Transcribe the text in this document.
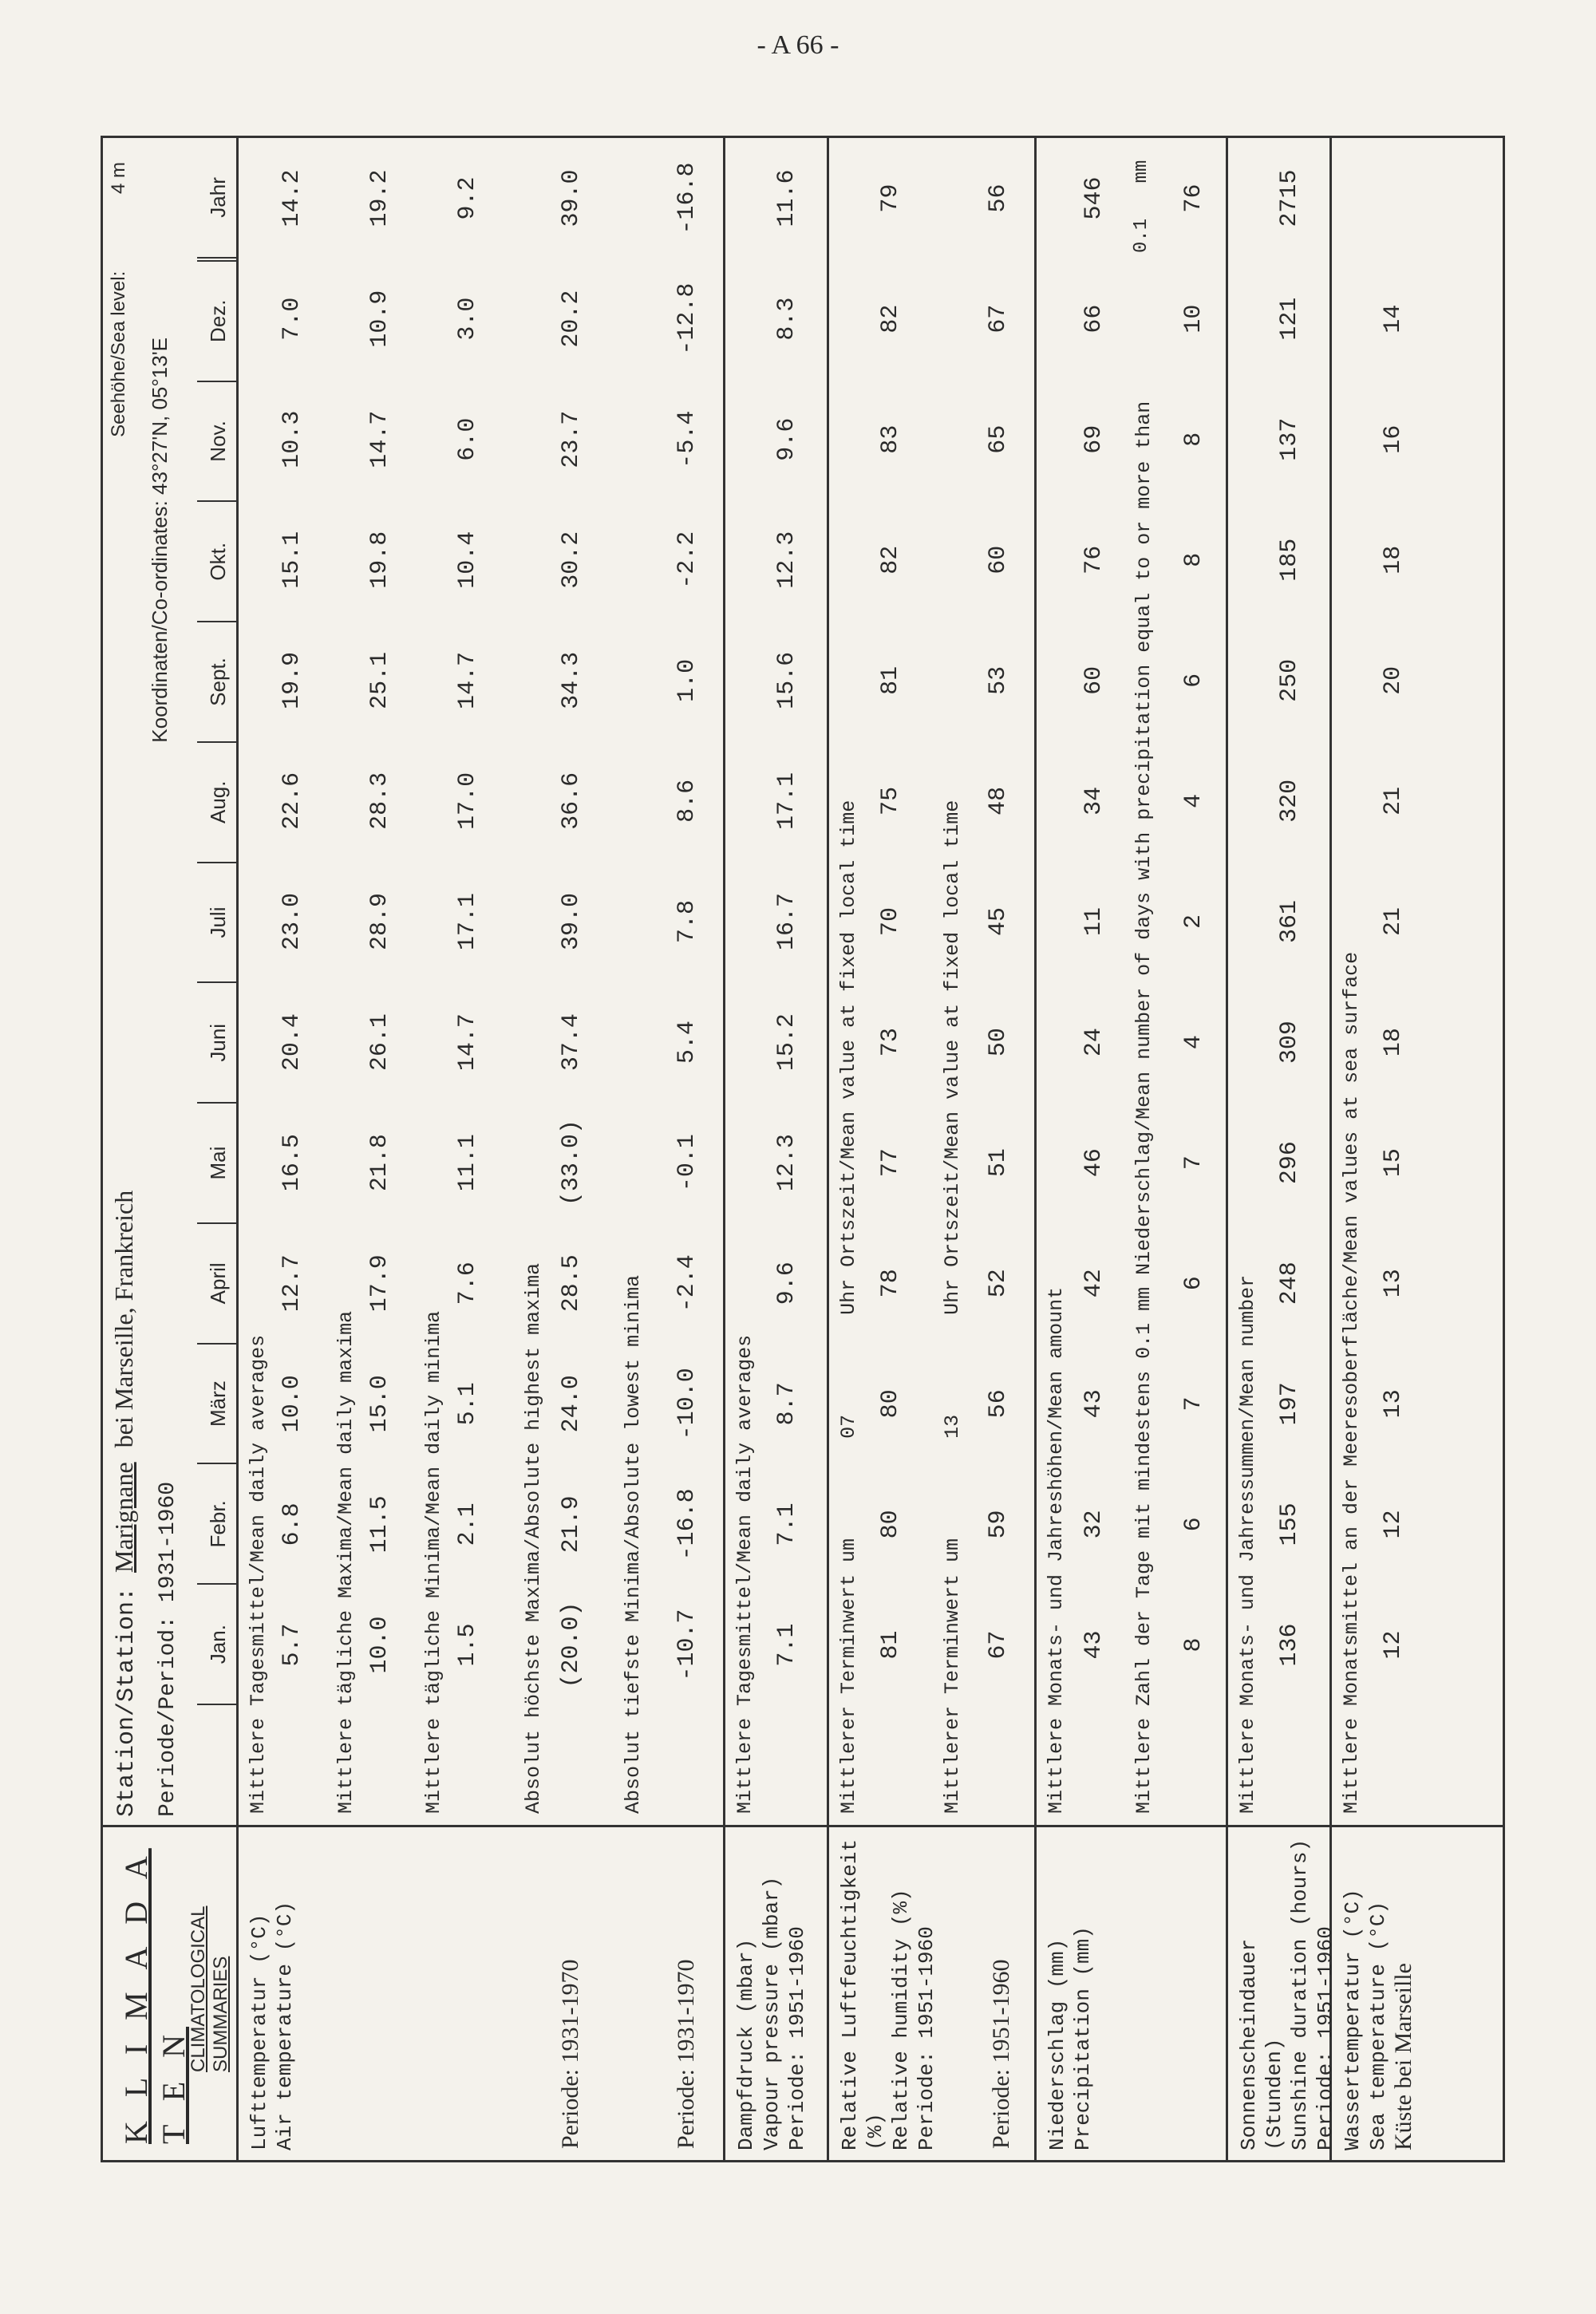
- A 66 -
K L I M A D A T E N
CLIMATOLOGICAL SUMMARIES
Station/Station: Marignane bei Marseille, Frankreich
Seehöhe/Sea level: 4 m
Periode/Period: 1931-1960
Koordinaten/Co-ordinates: 43°27'N, 05°13'E
Jan.
Febr.
März
April
Mai
Juni
Juli
Aug.
Sept.
Okt.
Nov.
Dez.
Jahr
Lufttemperatur (°C) Air temperature (°C)	Periode: 1931-1970	Periode: 1931-1970
Mittlere Tagesmittel/Mean daily averages 5.7
6.8
10.0
12.7
16.5
20.4
23.0
22.6
19.9
15.1
10.3
7.0
14.2
Mittlere tägliche Maxima/Mean daily maxima 10.0
11.5
15.0
17.9
21.8
26.1
28.9
28.3
25.1
19.8
14.7
10.9
19.2
Mittlere tägliche Minima/Mean daily minima 1.5
2.1
5.1
7.6
11.1
14.7
17.1
17.0
14.7
10.4
6.0
3.0
9.2
Absolut höchste Maxima/Absolute highest maxima (20.0)
21.9
24.0
28.5
(33.0)
37.4
39.0
36.6
34.3
30.2
23.7
20.2
39.0
Absolut tiefste Minima/Absolute lowest minima -10.7
-16.8
-10.0
-2.4
-0.1
5.4
7.8
8.6
1.0
-2.2
-5.4
-12.8
-16.8
Dampfdruck (mbar) Vapour pressure (mbar) Periode: 1951-1960
Mittlere Tagesmittel/Mean daily averages 7.1
7.1
8.7
9.6
12.3
15.2
16.7
17.1
15.6
12.3
9.6
8.3
11.6
Relative Luftfeuchtigkeit (%) Relative humidity (%) Periode: 1951-1960 Periode: 1951-1960
Mittlerer Terminwert um 07 Uhr Ortszeit/Mean value at fixed local time
81
80
80
78
77
73
70
75
81
82
83
82
79
Mittlerer Terminwert um 13 Uhr Ortszeit/Mean value at fixed local time
67
59
56
52
51
50
45
48
53
60
65
67
56
Niederschlag (mm) Precipitation (mm)
Mittlere Monats- und Jahreshöhen/Mean amount 43
32
43
42
46
24
11
34
60
76
69
66
546
Mittlere Zahl der Tage mit mindestens 0.1 mm Niederschlag/Mean number of days with precipitation equal to or more than
0.1 mm
8
6
7
6
7
4
2
4
6
8
8
10
76
Sonnenscheindauer (Stunden) Sunshine duration (hours) Periode: 1951-1960
Mittlere Monats- und Jahressummen/Mean number 136
155
197
248
296
309
361
320
250
185
137
121
2715
Wassertemperatur (°C) Sea temperature (°C) Küste bei Marseille
Mittlere Monatsmittel an der Meeresoberfläche/Mean values at sea surface 12
12
13
13
15
18
21
21
20
18
16
14
